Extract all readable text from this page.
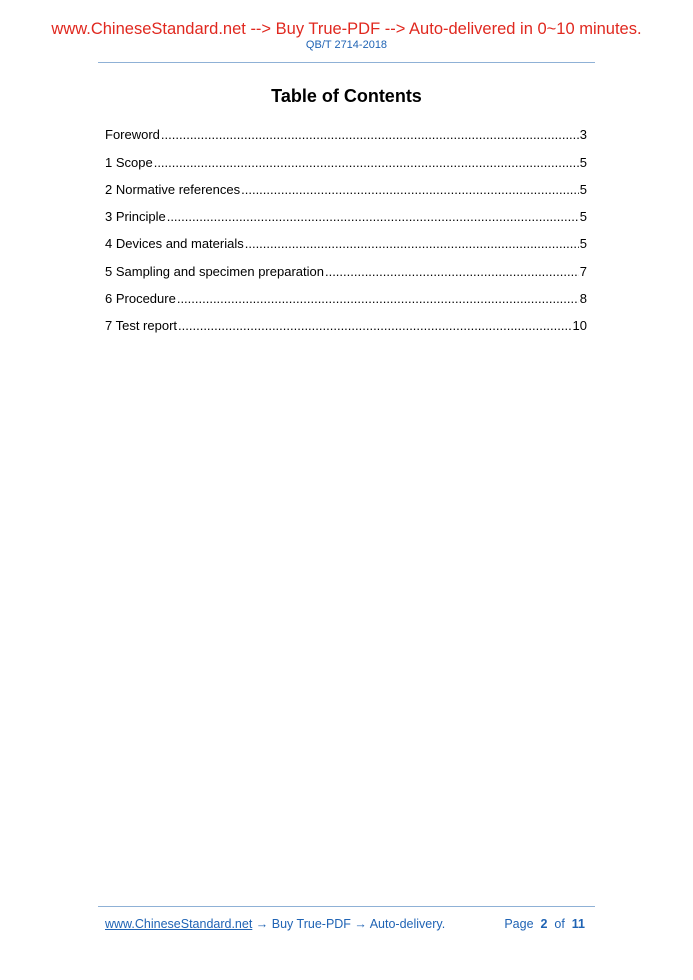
www.ChineseStandard.net --> Buy True-PDF --> Auto-delivered in 0~10 minutes.
QB/T 2714-2018
Table of Contents
Foreword .....	3
1 Scope .....	5
2 Normative references .....	5
3 Principle .....	5
4 Devices and materials .....	5
5 Sampling and specimen preparation .....	7
6 Procedure .....	8
7 Test report .....	10
www.ChineseStandard.net → Buy True-PDF → Auto-delivery.	Page 2 of 11
